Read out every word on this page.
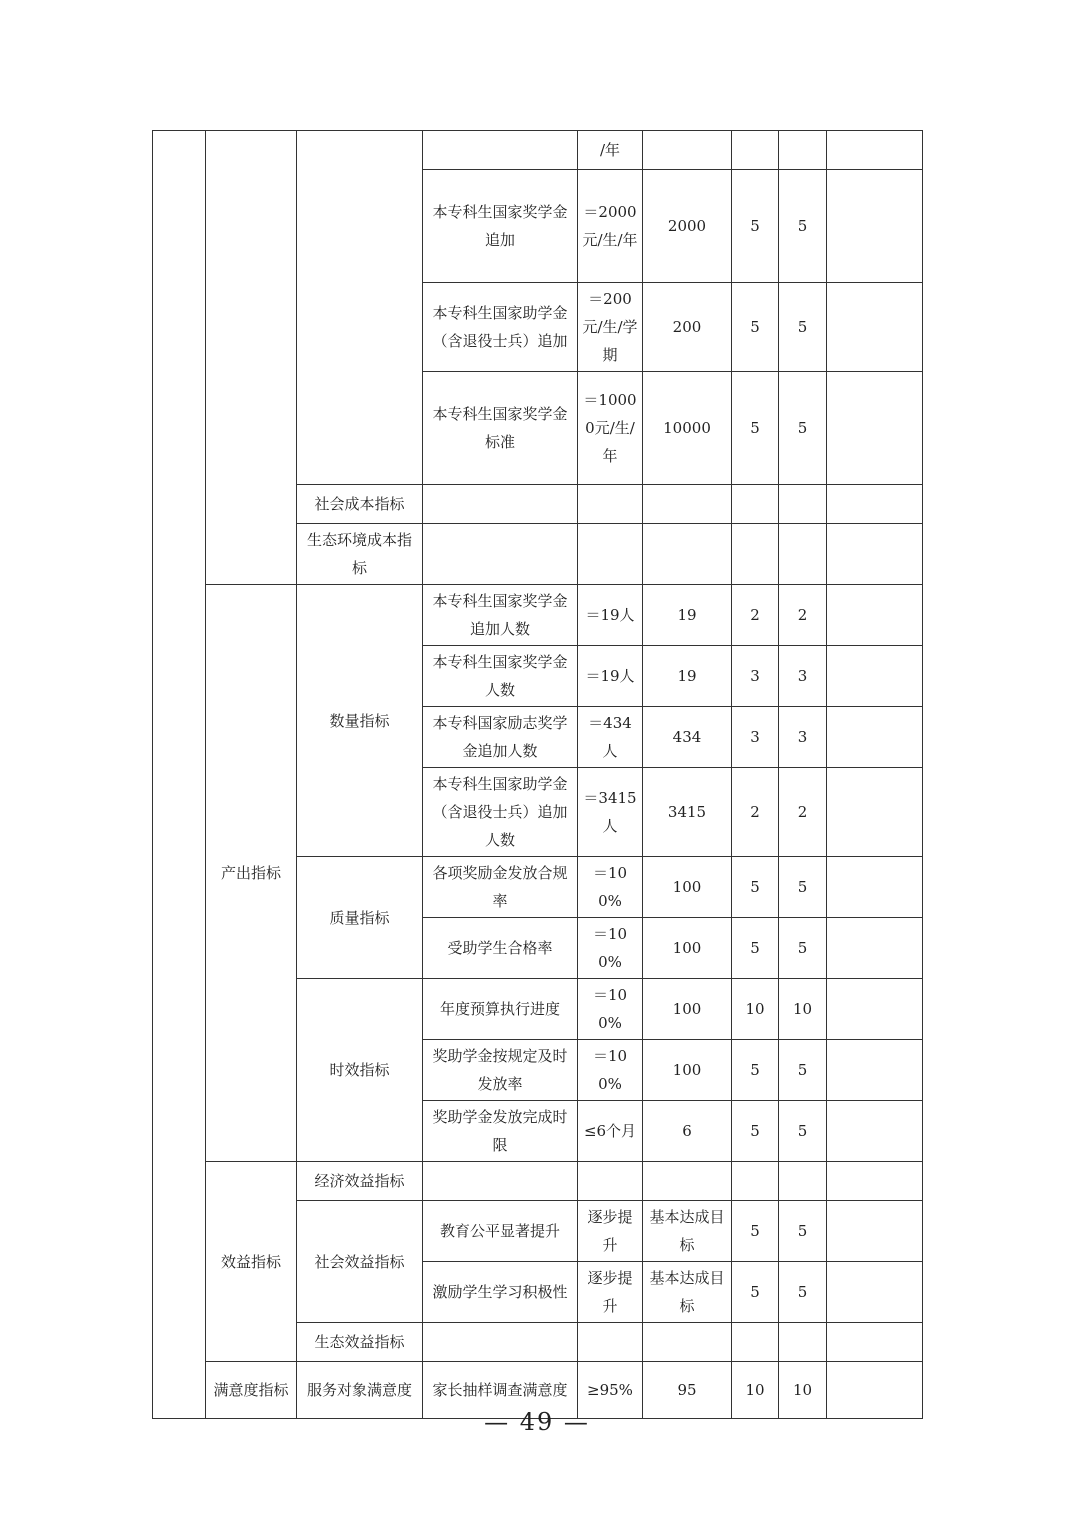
				/年				
			本专科生国家奖学金追加	＝2000元/生/年	2000	5	5	
			本专科生国家助学金（含退役士兵）追加	＝200元/生/学期	200	5	5	
			本专科生国家奖学金标准	＝10000元/生/年	10000	5	5	
		社会成本指标						
		生态环境成本指标						
	产出指标	数量指标	本专科生国家奖学金追加人数	＝19人	19	2	2	
			本专科生国家奖学金人数	＝19人	19	3	3	
			本专科国家励志奖学金追加人数	＝434人	434	3	3	
			本专科生国家助学金（含退役士兵）追加人数	＝3415人	3415	2	2	
		质量指标	各项奖励金发放合规率	＝100%	100	5	5	
			受助学生合格率	＝100%	100	5	5	
		时效指标	年度预算执行进度	＝100%	100	10	10	
			奖助学金按规定及时发放率	＝100%	100	5	5	
			奖助学金发放完成时限	≤6个月	6	5	5	
	效益指标	经济效益指标						
		社会效益指标	教育公平显著提升	逐步提升	基本达成目标	5	5	
			激励学生学习积极性	逐步提升	基本达成目标	5	5	
		生态效益指标						
	满意度指标	服务对象满意度	家长抽样调查满意度	≥95%	95	10	10	
— 49 —
